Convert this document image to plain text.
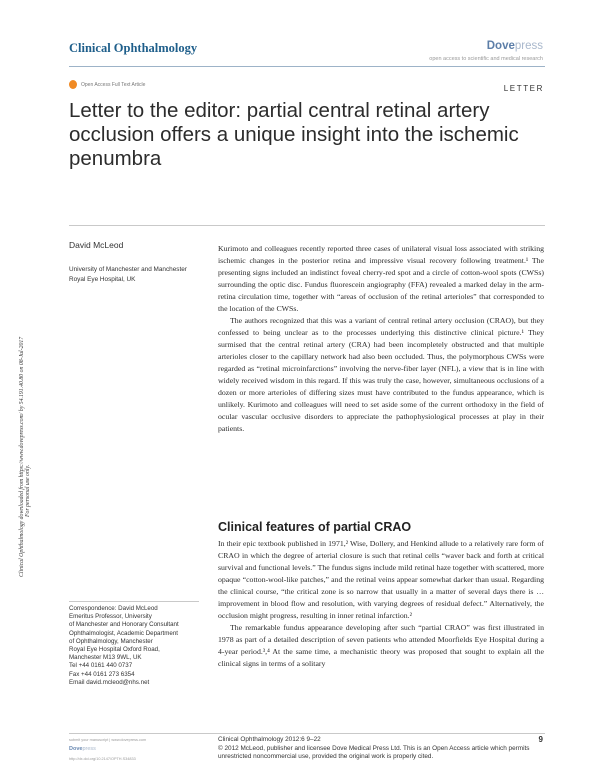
Clinical Ophthalmology	Dovepress
open access to scientific and medical research
Open Access Full Text Article	LETTER
Letter to the editor: partial central retinal artery occlusion offers a unique insight into the ischemic penumbra
Clinical Ophthalmology downloaded from https://www.dovepress.com/ by 54.191.40.80 on 08-Jul-2017 For personal use only.
David McLeod
University of Manchester and Manchester Royal Eye Hospital, UK

Kurimoto and colleagues recently reported three cases of unilateral visual loss associated with striking ischemic changes in the posterior retina and impressive visual recovery following treatment.¹ The presenting signs included an indistinct foveal cherry-red spot and a circle of cotton-wool spots (CWSs) surrounding the optic disc. Fundus fluorescein angiography (FFA) revealed a marked delay in the arm-retina circulation time, together with “areas of occlusion of the retinal arterioles” that corresponded to the location of the CWSs.

The authors recognized that this was a variant of central retinal artery occlusion (CRAO), but they confessed to being unclear as to the processes underlying this distinctive clinical picture.¹ They surmised that the central retinal artery (CRA) had been incompletely obstructed and that multiple arterioles closer to the capillary network had also been occluded. Thus, the polymorphous CWSs were regarded as “retinal microinfarctions” involving the nerve-fiber layer (NFL), a view that is in line with widely received wisdom in this regard. If this was truly the case, however, simultaneous occlusions of a dozen or more arterioles of differing sizes must have contributed to the fundus appearance, which is unlikely. Kurimoto and colleagues will need to set aside some of the current orthodoxy in the field of ocular vascular occlusive disorders to appreciate the pathophysiological processes at play in their patients.

Clinical features of partial CRAO

In their epic textbook published in 1971,² Wise, Dollery, and Henkind allude to a relatively rare form of CRAO in which the degree of arterial closure is such that retinal cells “waver back and forth at critical survival and functional levels.” The fundus signs include mild retinal haze together with scattered, more opaque “cotton-wool-like patches,” and the retinal veins appear somewhat darker than usual. Regarding the clinical course, “the critical zone is so narrow that usually in a matter of several days there is … improvement in blood flow and resolution, with varying degrees of residual defect.” Alternatively, the occlusion might progress, resulting in inner retinal infarction.²

The remarkable fundus appearance developing after such “partial CRAO” was first illustrated in 1978 as part of a detailed description of seven patients who attended Moorfields Eye Hospital during a 4-year period.³,⁴ At the same time, a mechanistic theory was proposed that sought to explain all the clinical signs in terms of a solitary

Correspondence: David McLeod
Emeritus Professor, University
of Manchester and Honorary Consultant
Ophthalmologist, Academic Department
of Ophthalmology, Manchester
Royal Eye Hospital Oxford Road,
Manchester M13 9WL, UK
Tel +44 0161 440 0737
Fax +44 0161 273 6354
Email david.mcleod@nhs.net
submit your manuscript | www.dovepress.com
Dovepress
http://dx.doi.org/10.2147/OPTH.S34833
Clinical Ophthalmology 2012:6 9–22	9
© 2012 McLeod, publisher and licensee Dove Medical Press Ltd. This is an Open Access article which permits unrestricted noncommercial use, provided the original work is properly cited.
